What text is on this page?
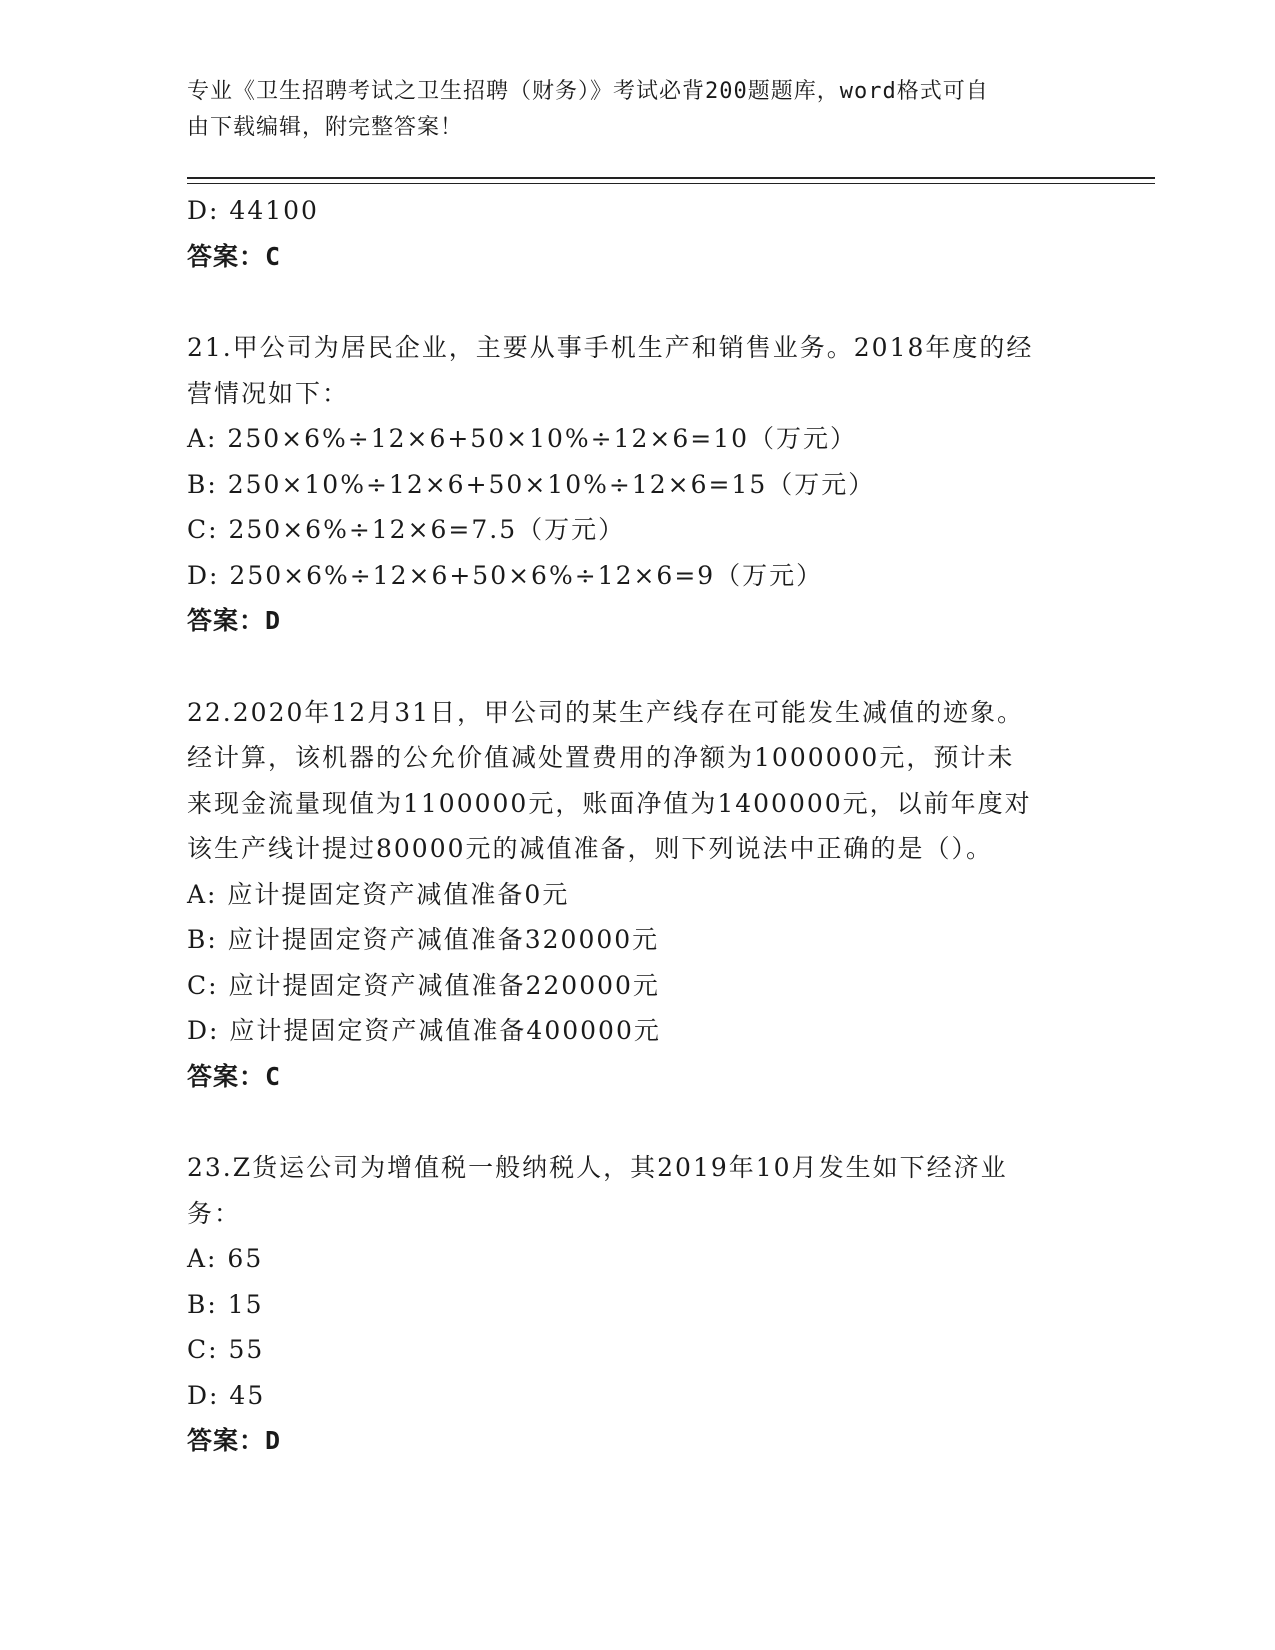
专业《卫生招聘考试之卫生招聘（财务）》考试必背200题题库，word格式可自
由下载编辑，附完整答案！
D: 44100
答案：C
21.甲公司为居民企业，主要从事手机生产和销售业务。2018年度的经
营情况如下：
A: 250×6%÷12×6+50×10%÷12×6=10（万元）
B: 250×10%÷12×6+50×10%÷12×6=15（万元）
C: 250×6%÷12×6=7.5（万元）
D: 250×6%÷12×6+50×6%÷12×6=9（万元）
答案：D
22.2020年12月31日，甲公司的某生产线存在可能发生减值的迹象。
经计算，该机器的公允价值减处置费用的净额为1000000元，预计未
来现金流量现值为1100000元，账面净值为1400000元，以前年度对
该生产线计提过80000元的减值准备，则下列说法中正确的是（）。
A: 应计提固定资产减值准备0元
B: 应计提固定资产减值准备320000元
C: 应计提固定资产减值准备220000元
D: 应计提固定资产减值准备400000元
答案：C
23.Z货运公司为增值税一般纳税人，其2019年10月发生如下经济业
务：
A: 65
B: 15
C: 55
D: 45
答案：D
